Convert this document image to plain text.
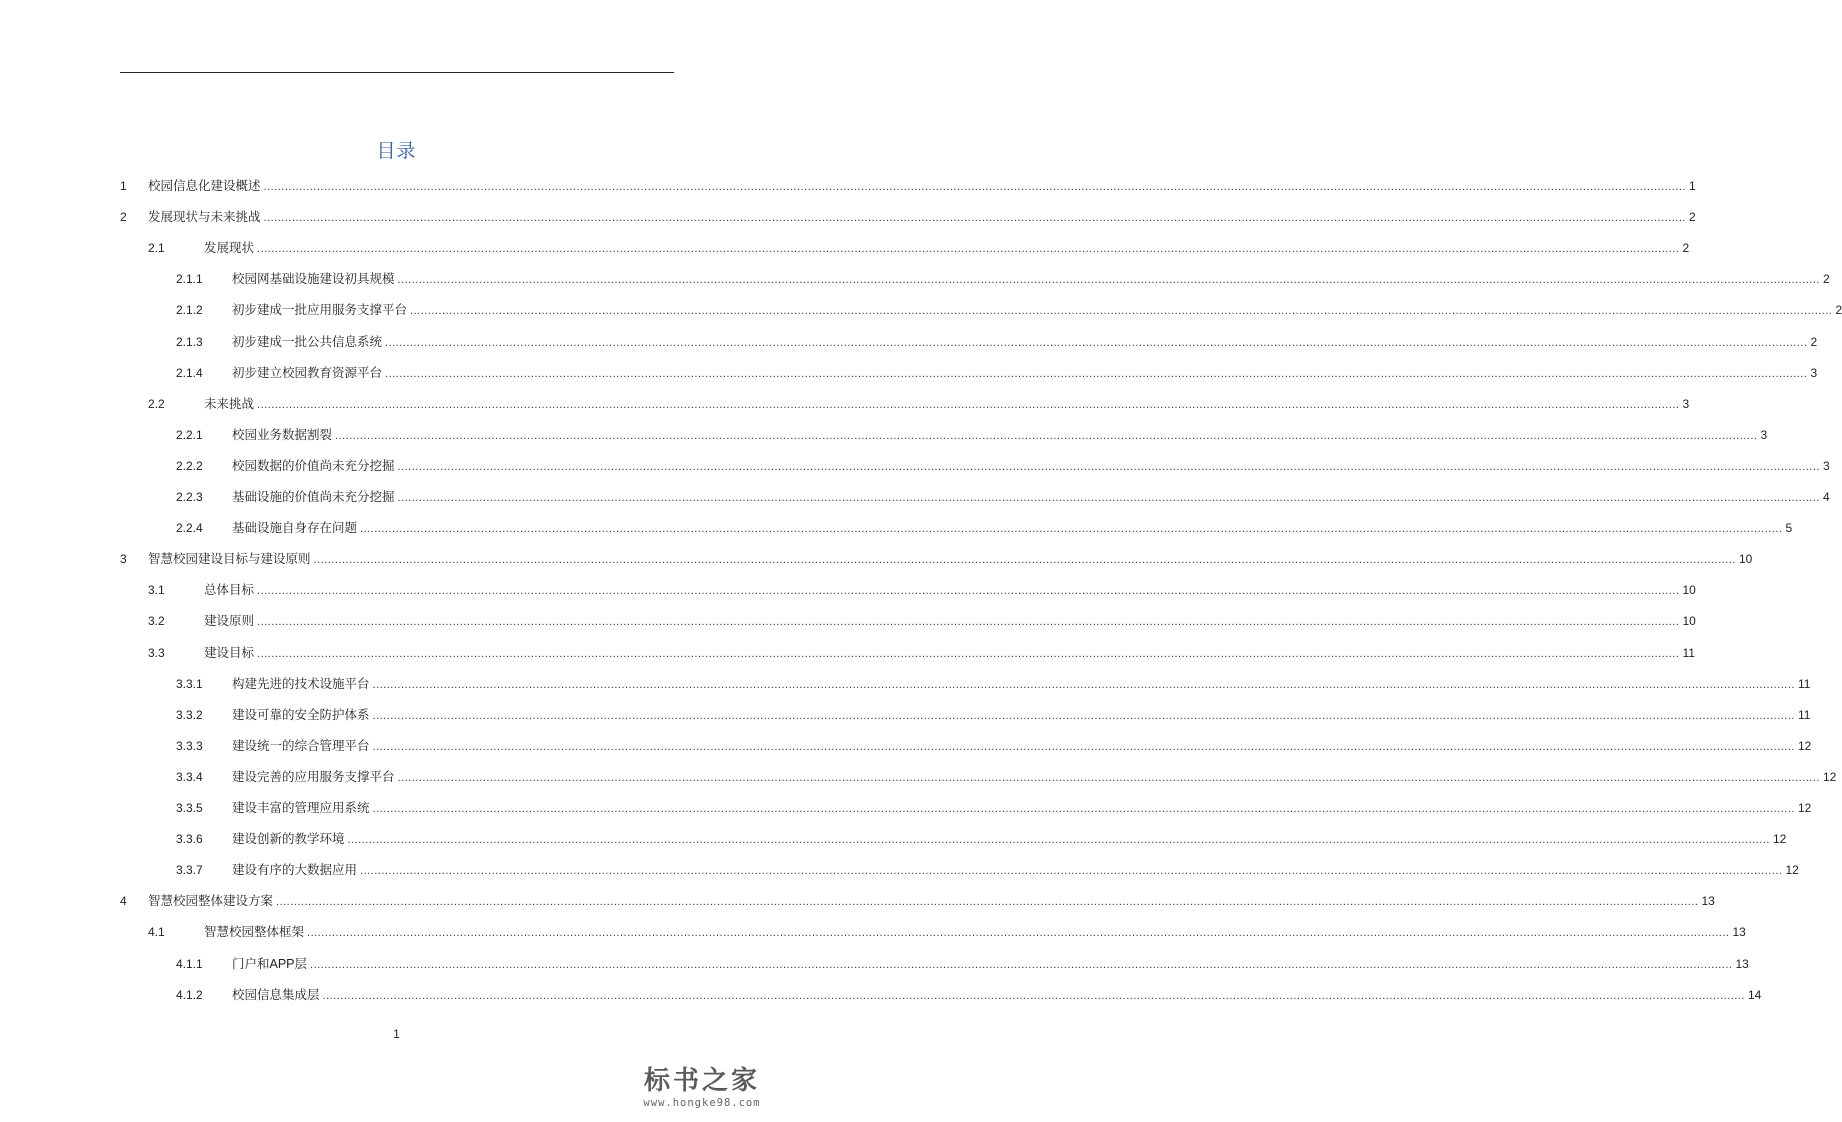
目录
1	校园信息化建设概述 ................................................................................................................................................................................................................................................................................................................................................................................................................ 1
2	发展现状与未来挑战 ................................................................................................................................................................................................................................................................................................................................................................................................................ 2
2.1	发展现状 ................................................................................................................................................................................................................................................................................................................................................................................................................ 2
2.1.1	校园网基础设施建设初具规模 ................................................................................................................................................................................................................................................................................................................................................................................................................ 2
2.1.2	初步建成一批应用服务支撑平台 ................................................................................................................................................................................................................................................................................................................................................................................................................ 2
2.1.3	初步建成一批公共信息系统 ................................................................................................................................................................................................................................................................................................................................................................................................................ 2
2.1.4	初步建立校园教育资源平台 ................................................................................................................................................................................................................................................................................................................................................................................................................ 3
2.2	未来挑战 ................................................................................................................................................................................................................................................................................................................................................................................................................ 3
2.2.1	校园业务数据割裂 ................................................................................................................................................................................................................................................................................................................................................................................................................ 3
2.2.2	校园数据的价值尚未充分挖掘 ................................................................................................................................................................................................................................................................................................................................................................................................................ 3
2.2.3	基础设施的价值尚未充分挖掘 ................................................................................................................................................................................................................................................................................................................................................................................................................ 4
2.2.4	基础设施自身存在问题 ................................................................................................................................................................................................................................................................................................................................................................................................................ 5
3	智慧校园建设目标与建设原则 ................................................................................................................................................................................................................................................................................................................................................................................................................ 10
3.1	总体目标 ................................................................................................................................................................................................................................................................................................................................................................................................................ 10
3.2	建设原则 ................................................................................................................................................................................................................................................................................................................................................................................................................ 10
3.3	建设目标 ................................................................................................................................................................................................................................................................................................................................................................................................................ 11
3.3.1	构建先进的技术设施平台 ................................................................................................................................................................................................................................................................................................................................................................................................................ 11
3.3.2	建设可靠的安全防护体系 ................................................................................................................................................................................................................................................................................................................................................................................................................ 11
3.3.3	建设统一的综合管理平台 ................................................................................................................................................................................................................................................................................................................................................................................................................ 12
3.3.4	建设完善的应用服务支撑平台 ................................................................................................................................................................................................................................................................................................................................................................................................................ 12
3.3.5	建设丰富的管理应用系统 ................................................................................................................................................................................................................................................................................................................................................................................................................ 12
3.3.6	建设创新的教学环境 ................................................................................................................................................................................................................................................................................................................................................................................................................ 12
3.3.7	建设有序的大数据应用 ................................................................................................................................................................................................................................................................................................................................................................................................................ 12
4	智慧校园整体建设方案 ................................................................................................................................................................................................................................................................................................................................................................................................................ 13
4.1	智慧校园整体框架 ................................................................................................................................................................................................................................................................................................................................................................................................................ 13
4.1.1	门户和APP层 ................................................................................................................................................................................................................................................................................................................................................................................................................ 13
4.1.2	校园信息集成层 ................................................................................................................................................................................................................................................................................................................................................................................................................ 14
1
标书之家
www.hongke98.com
